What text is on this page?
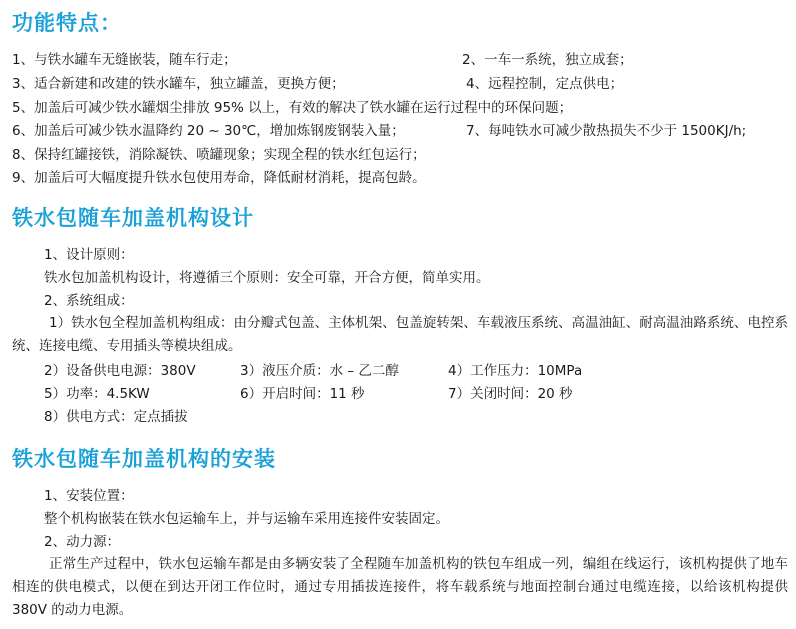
功能特点：
1、与铁水罐车无缝嵌装，随车行走；	2、一车一系统，独立成套；
3、适合新建和改建的铁水罐车，独立罐盖，更换方便；	4、远程控制，定点供电；
5、加盖后可减少铁水罐烟尘排放 95% 以上，有效的解决了铁水罐在运行过程中的环保问题；
6、加盖后可减少铁水温降约 20 ~ 30℃，增加炼钢废钢装入量；	7、每吨铁水可减少散热损失不少于 1500KJ/h;
8、保持红罐接铁，消除凝铁、喷罐现象；实现全程的铁水红包运行；
9、加盖后可大幅度提升铁水包使用寿命，降低耐材消耗，提高包龄。
铁水包随车加盖机构设计
1、设计原则：
铁水包加盖机构设计，将遵循三个原则：安全可靠，开合方便，简单实用。
2、系统组成：
1）铁水包全程加盖机构组成：由分瓣式包盖、主体机架、包盖旋转架、车载液压系统、高温油缸、耐高温油路系统、电控系统、连接电缆、专用插头等模块组成。
2）设备供电电源：380V	3）液压介质：水 – 乙二醇	4）工作压力：10MPa
5）功率：4.5KW	6）开启时间：11 秒	7）关闭时间：20 秒
8）供电方式：定点插拔
铁水包随车加盖机构的安装
1、安装位置：
整个机构嵌装在铁水包运输车上，并与运输车采用连接件安装固定。
2、动力源：
正常生产过程中，铁水包运输车都是由多辆安装了全程随车加盖机构的铁包车组成一列，编组在线运行，该机构提供了地车相连的供电模式，以便在到达开闭工作位时，通过专用插拔连接件，将车载系统与地面控制台通过电缆连接，以给该机构提供 380V 的动力电源。
